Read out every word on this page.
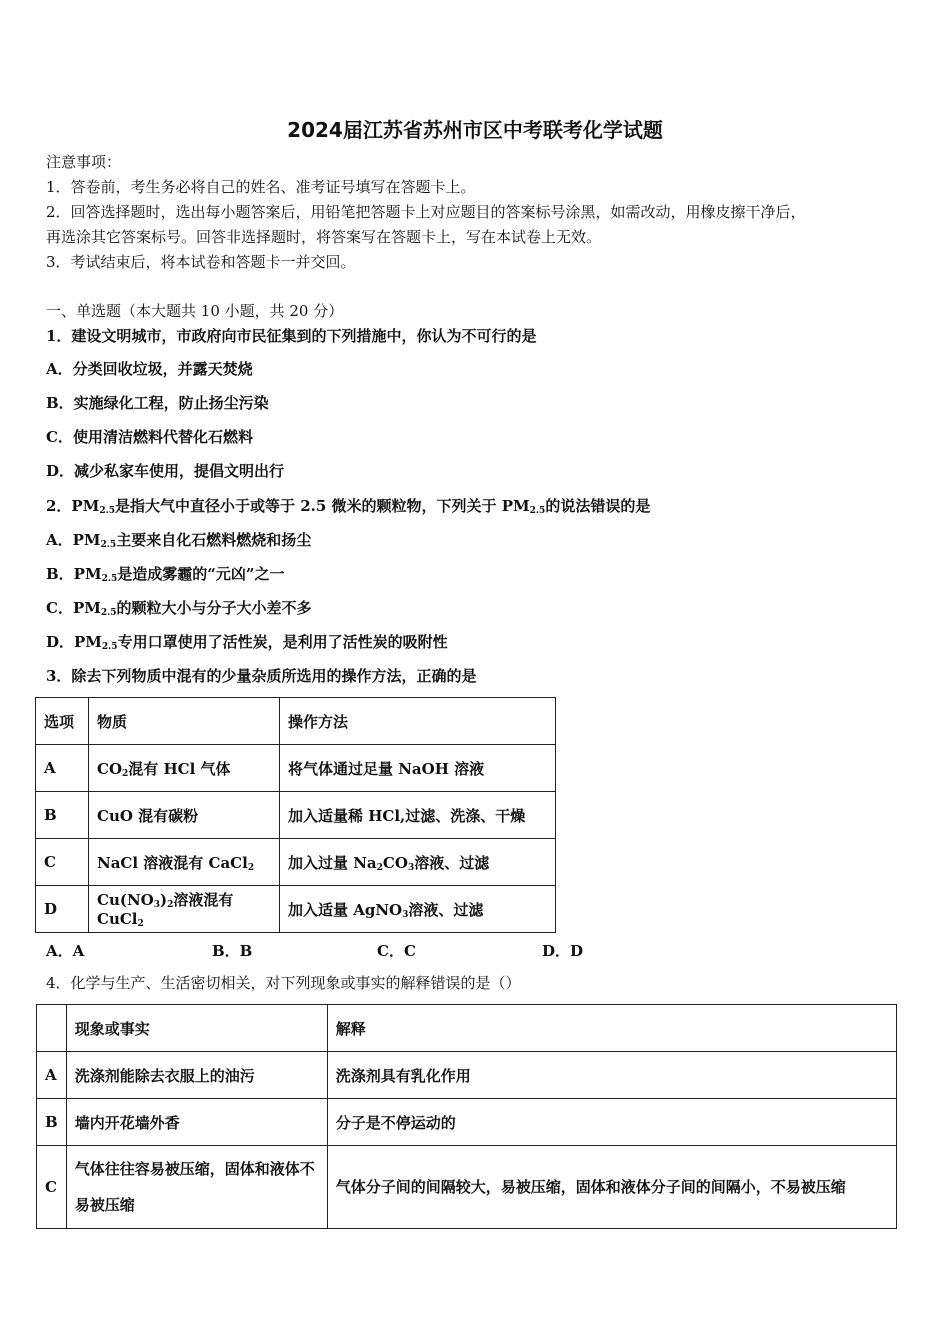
2024届江苏省苏州市区中考联考化学试题
注意事项：
1．答卷前，考生务必将自己的姓名、准考证号填写在答题卡上。
2．回答选择题时，选出每小题答案后，用铅笔把答题卡上对应题目的答案标号涂黑，如需改动，用橡皮擦干净后，
再选涂其它答案标号。回答非选择题时，将答案写在答题卡上，写在本试卷上无效。
3．考试结束后，将本试卷和答题卡一并交回。
一、单选题（本大题共 10 小题，共 20 分）
1．建设文明城市，市政府向市民征集到的下列措施中，你认为不可行的是
A．分类回收垃圾，并露天焚烧
B．实施绿化工程，防止扬尘污染
C．使用清洁燃料代替化石燃料
D．减少私家车使用，提倡文明出行
2．$PM_{2.5}$是指大气中直径小于或等于 2.5 微米的颗粒物，下列关于 $PM_{2.5}$的说法错误的是
A．$PM_{2.5}$主要来自化石燃料燃烧和扬尘
B．$PM_{2.5}$是造成雾霾的“元凶”之一
C．$PM_{2.5}$的颗粒大小与分子大小差不多
D．$PM_{2.5}$专用口罩使用了活性炭，是利用了活性炭的吸附性
3．除去下列物质中混有的少量杂质所选用的操作方法，正确的是
选项	物质	操作方法
A	$CO_2$混有 HCl 气体	将气体通过足量 NaOH 溶液
B	CuO 混有碳粉	加入适量稀 HCl,过滤、洗涤、干燥
C	NaCl 溶液混有 CaCl$_2$	加入过量 $Na_2CO_3$溶液、过滤
D	$Cu(NO_3)_2$溶液混有 CuCl$_2$	加入适量 AgNO$_3$溶液、过滤
A．A	B．B	C．C	D．D
4．化学与生产、生活密切相关，对下列现象或事实的解释错误的是（）
	现象或事实	解释
A	洗涤剂能除去衣服上的油污	洗涤剂具有乳化作用
B	墙内开花墙外香	分子是不停运动的
C	气体往往容易被压缩，固体和液体不易被压缩	气体分子间的间隔较大，易被压缩，固体和液体分子间的间隔小，不易被压缩
